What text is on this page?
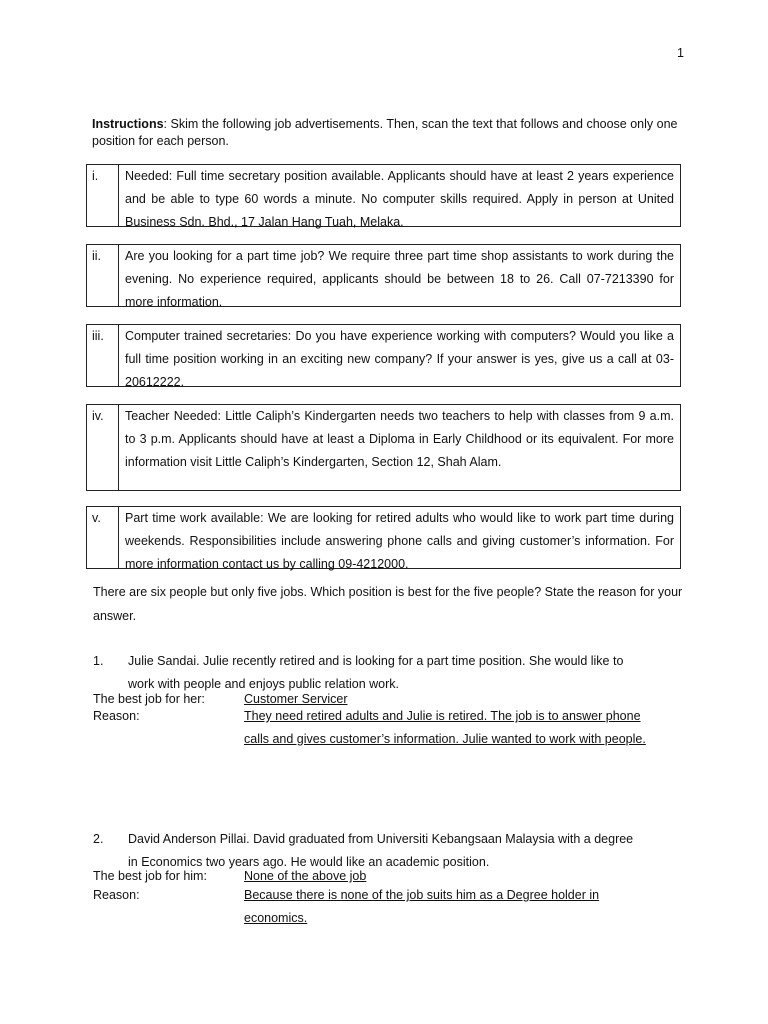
1
Instructions: Skim the following job advertisements. Then, scan the text that follows and choose only one position for each person.
i.	Needed: Full time secretary position available. Applicants should have at least 2 years experience and be able to type 60 words a minute. No computer skills required. Apply in person at United Business Sdn. Bhd., 17 Jalan Hang Tuah, Melaka.
ii.	Are you looking for a part time job? We require three part time shop assistants to work during the evening. No experience required, applicants should be between 18 to 26. Call 07-7213390 for more information.
iii.	Computer trained secretaries: Do you have experience working with computers? Would you like a full time position working in an exciting new company? If your answer is yes, give us a call at 03-20612222.
iv.	Teacher Needed: Little Caliph’s Kindergarten needs two teachers to help with classes from 9 a.m. to 3 p.m. Applicants should have at least a Diploma in Early Childhood or its equivalent. For more information visit Little Caliph’s Kindergarten, Section 12, Shah Alam.
v.	Part time work available: We are looking for retired adults who would like to work part time during weekends. Responsibilities include answering phone calls and giving customer’s information. For more information contact us by calling 09-4212000.
There are six people but only five jobs. Which position is best for the five people? State the reason for your answer.
1.	Julie Sandai. Julie recently retired and is looking for a part time position. She would like to
work with people and enjoys public relation work.
The best job for her:	Customer Servicer
Reason:	They need retired adults and Julie is retired. The job is to answer phone
calls and gives customer’s information. Julie wanted to work with people.
2.	David Anderson Pillai. David graduated from Universiti Kebangsaan Malaysia with a degree
in Economics two years ago. He would like an academic position.
The best job for him:	None of the above job
Reason:	Because there is none of the job suits him as a Degree holder in
economics.
